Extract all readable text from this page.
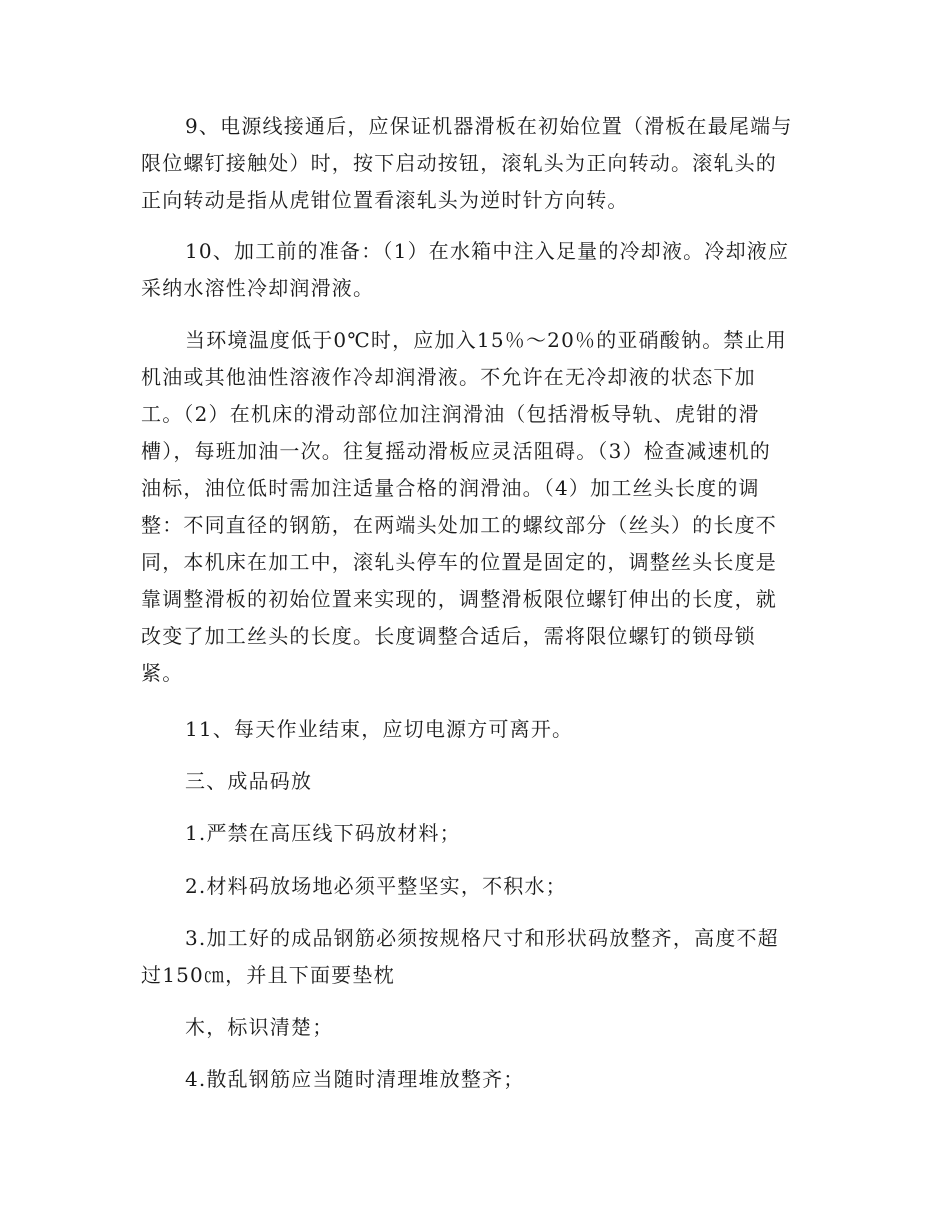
9、电源线接通后，应保证机器滑板在初始位置（滑板在最尾端与
限位螺钉接触处）时，按下启动按钮，滚轧头为正向转动。滚轧头的
正向转动是指从虎钳位置看滚轧头为逆时针方向转。
10、加工前的准备：（1）在水箱中注入足量的冷却液。冷却液应
采纳水溶性冷却润滑液。
当环境温度低于0℃时，应加入15％～20％的亚硝酸钠。禁止用
机油或其他油性溶液作冷却润滑液。不允许在无冷却液的状态下加
工。（2）在机床的滑动部位加注润滑油（包括滑板导轨、虎钳的滑
槽），每班加油一次。往复摇动滑板应灵活阻碍。（3）检查减速机的
油标，油位低时需加注适量合格的润滑油。（4）加工丝头长度的调
整：不同直径的钢筋，在两端头处加工的螺纹部分（丝头）的长度不
同，本机床在加工中，滚轧头停车的位置是固定的，调整丝头长度是
靠调整滑板的初始位置来实现的，调整滑板限位螺钉伸出的长度，就
改变了加工丝头的长度。长度调整合适后，需将限位螺钉的锁母锁
紧。
11、每天作业结束，应切电源方可离开。
三、成品码放
1.严禁在高压线下码放材料；
2.材料码放场地必须平整坚实，不积水；
3.加工好的成品钢筋必须按规格尺寸和形状码放整齐，高度不超
过150㎝，并且下面要垫枕
木，标识清楚；
4.散乱钢筋应当随时清理堆放整齐；
